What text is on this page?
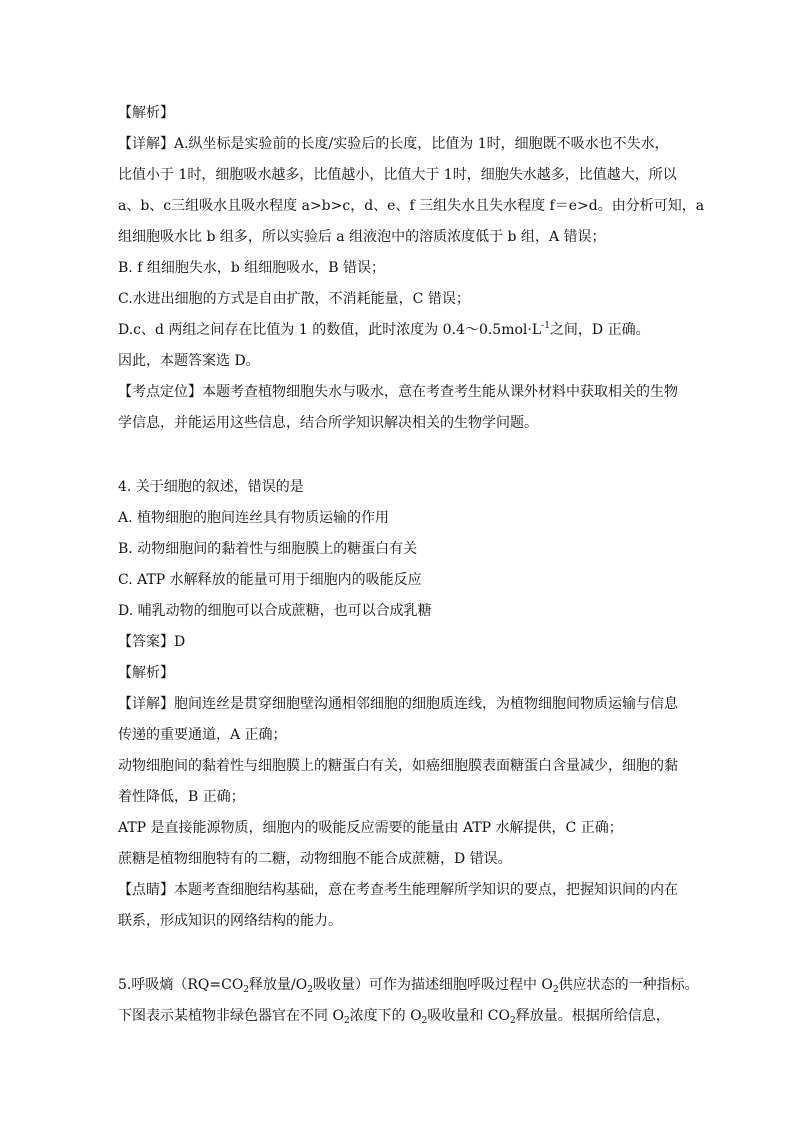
【解析】
【详解】A.纵坐标是实验前的长度/实验后的长度，比值为 1时，细胞既不吸水也不失水，
比值小于 1时，细胞吸水越多，比值越小，比值大于 1时，细胞失水越多，比值越大，所以
a、b、c三组吸水且吸水程度 a>b>c，d、e、f 三组失水且失水程度 f＝e>d。由分析可知，a
组细胞吸水比 b 组多，所以实验后 a 组液泡中的溶质浓度低于 b 组，A 错误；
B. f 组细胞失水，b 组细胞吸水，B 错误；
C.水进出细胞的方式是自由扩散，不消耗能量，C 错误；
D.c、d 两组之间存在比值为 1 的数值，此时浓度为 $0.4\sim 0.5mol\cdot L^{-1}$之间，D 正确。
因此，本题答案选 D。
【考点定位】本题考查植物细胞失水与吸水，意在考查考生能从课外材料中获取相关的生物
学信息，并能运用这些信息，结合所学知识解决相关的生物学问题。
4. 关于细胞的叙述，错误的是
A. 植物细胞的胞间连丝具有物质运输的作用
B. 动物细胞间的黏着性与细胞膜上的糖蛋白有关
C. ATP 水解释放的能量可用于细胞内的吸能反应
D. 哺乳动物的细胞可以合成蔗糖，也可以合成乳糖
【答案】D
【解析】
【详解】胞间连丝是贯穿细胞壁沟通相邻细胞的细胞质连线，为植物细胞间物质运输与信息
传递的重要通道，A 正确；
动物细胞间的黏着性与细胞膜上的糖蛋白有关，如癌细胞膜表面糖蛋白含量减少，细胞的黏
着性降低，B 正确；
ATP 是直接能源物质，细胞内的吸能反应需要的能量由 ATP 水解提供，C 正确；
蔗糖是植物细胞特有的二糖，动物细胞不能合成蔗糖，D 错误。
【点睛】本题考查细胞结构基础，意在考查考生能理解所学知识的要点，把握知识间的内在
联系，形成知识的网络结构的能力。
5.呼吸熵（$RQ=CO_2$释放量$/O_2$吸收量）可作为描述细胞呼吸过程中 $O_2$供应状态的一种指标。
下图表示某植物非绿色器官在不同 $O_2$浓度下的 $O_2$吸收量和 $CO_2$释放量。根据所给信息，
